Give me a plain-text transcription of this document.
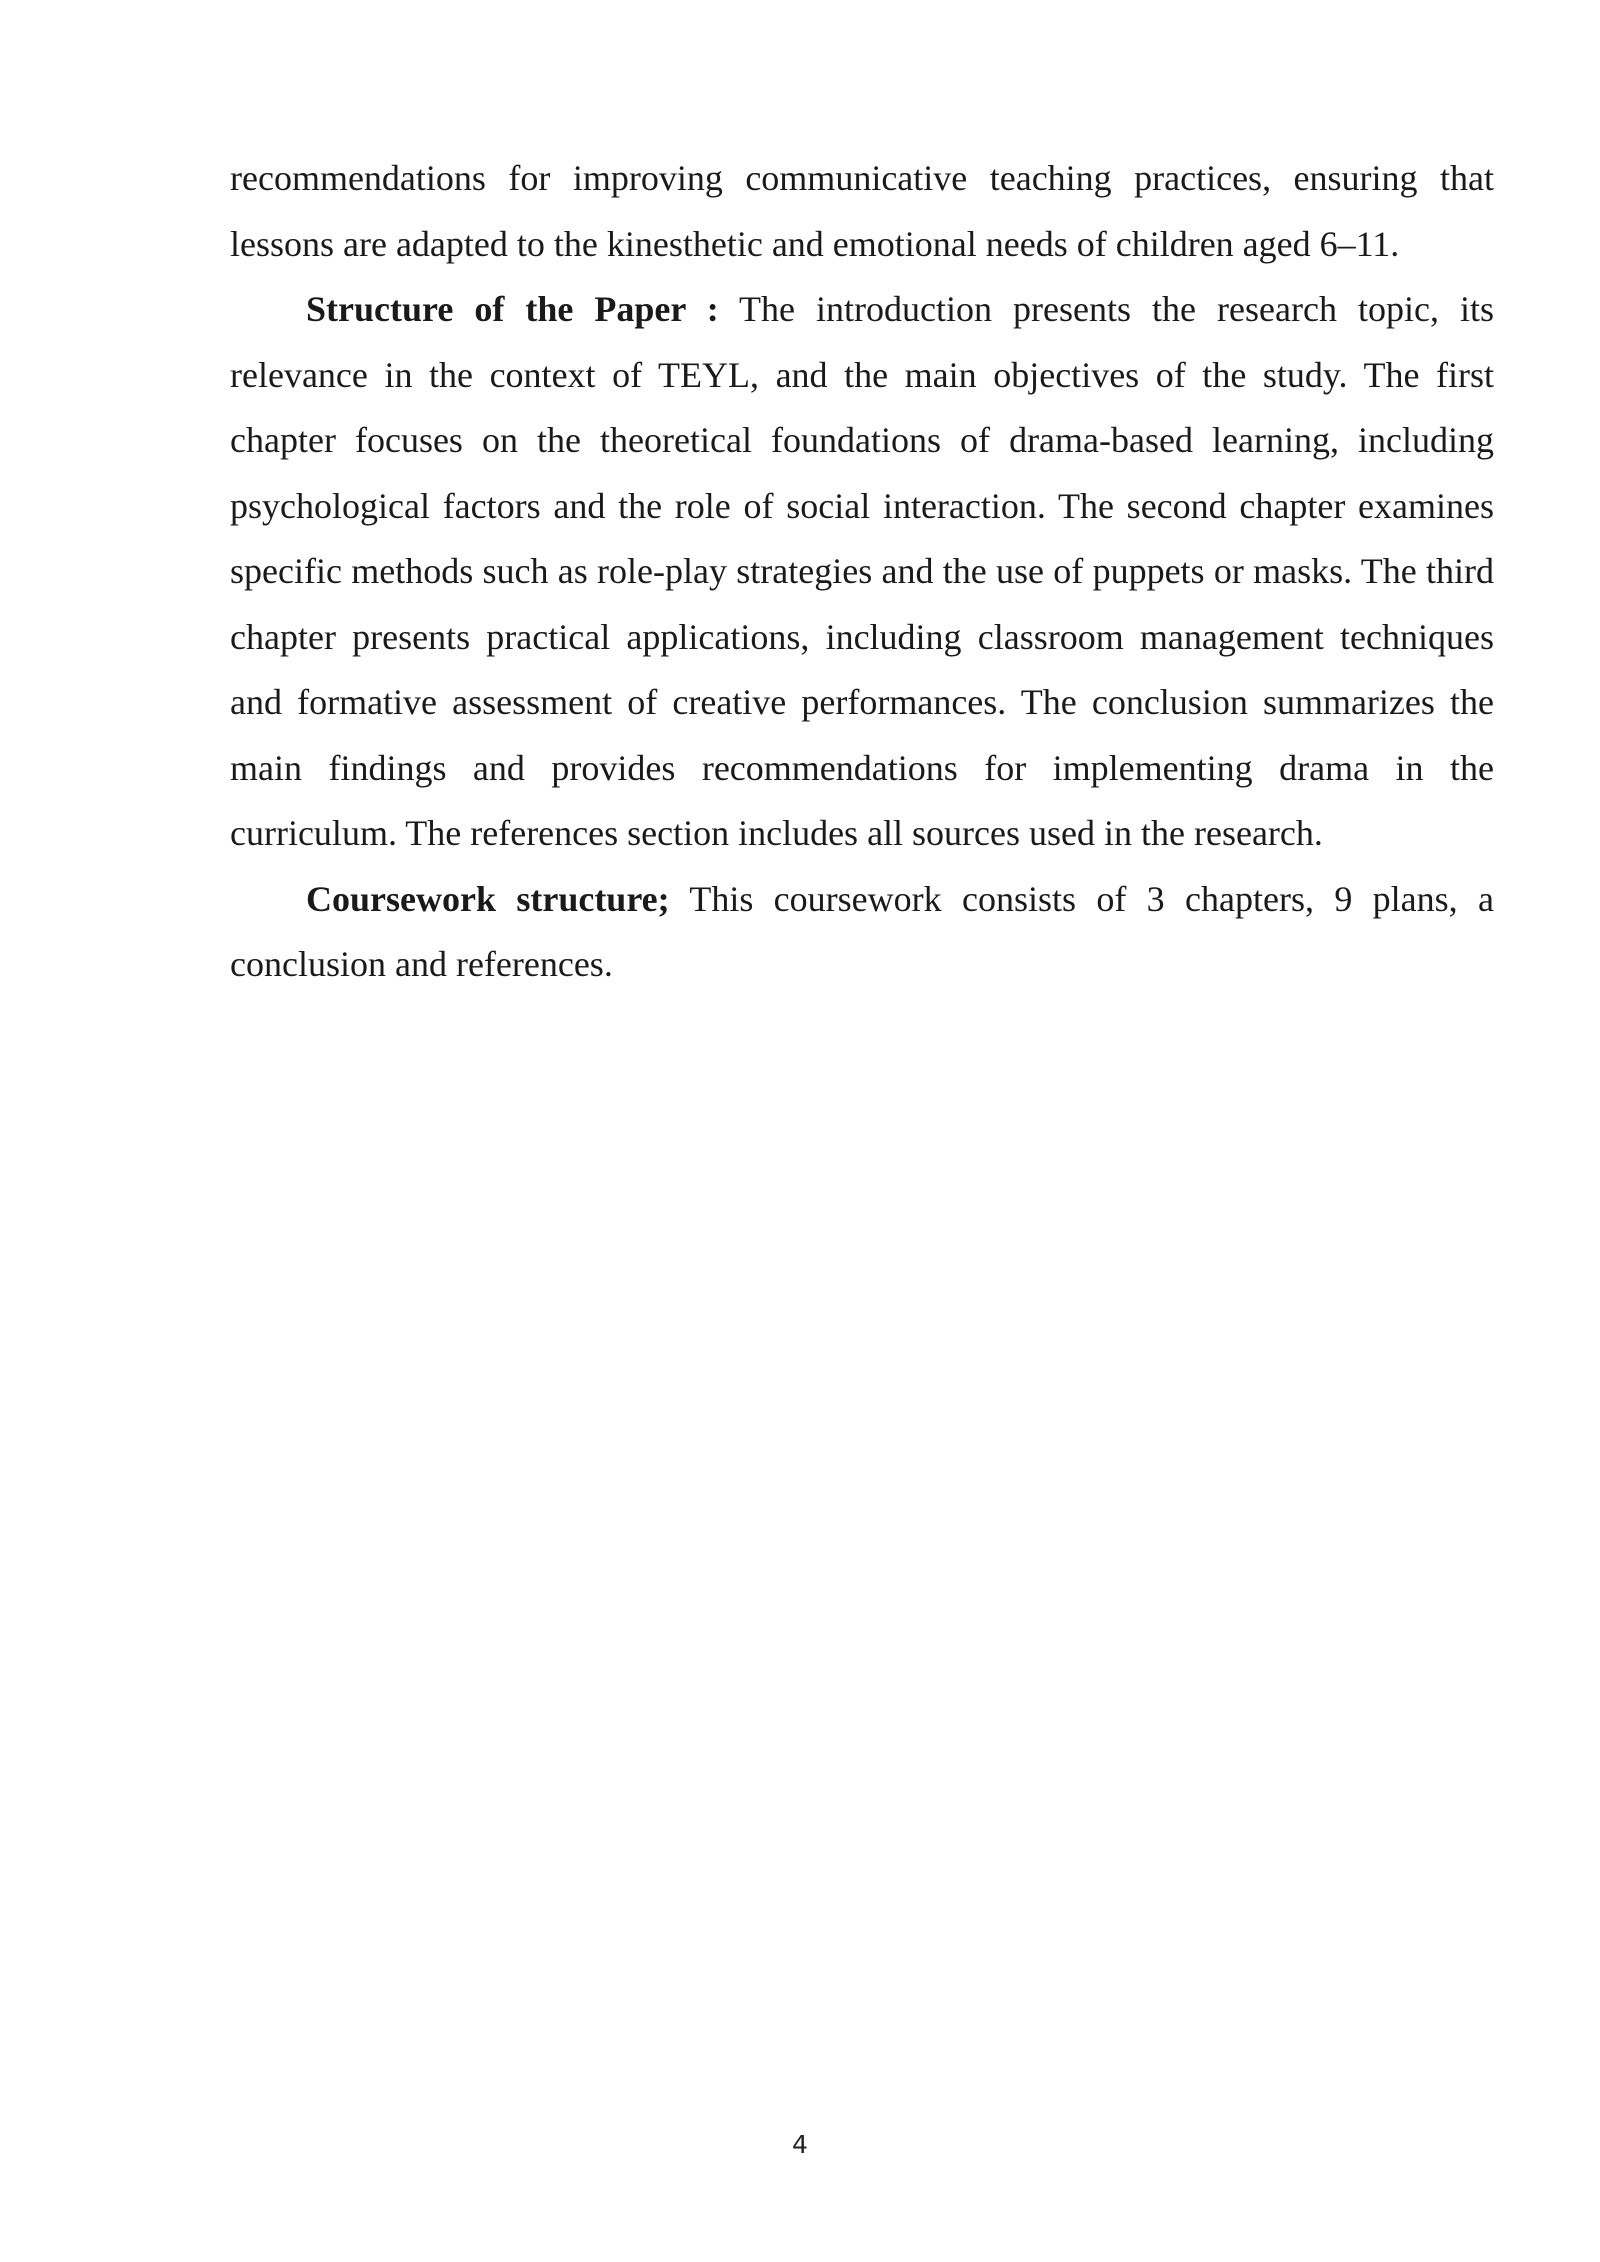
recommendations for improving communicative teaching practices, ensuring that lessons are adapted to the kinesthetic and emotional needs of children aged 6–11.

Structure of the Paper : The introduction presents the research topic, its relevance in the context of TEYL, and the main objectives of the study. The first chapter focuses on the theoretical foundations of drama-based learning, including psychological factors and the role of social interaction. The second chapter examines specific methods such as role-play strategies and the use of puppets or masks. The third chapter presents practical applications, including classroom management techniques and formative assessment of creative performances. The conclusion summarizes the main findings and provides recommendations for implementing drama in the curriculum. The references section includes all sources used in the research.

Coursework structure; This coursework consists of 3 chapters, 9 plans, a conclusion and references.

4
